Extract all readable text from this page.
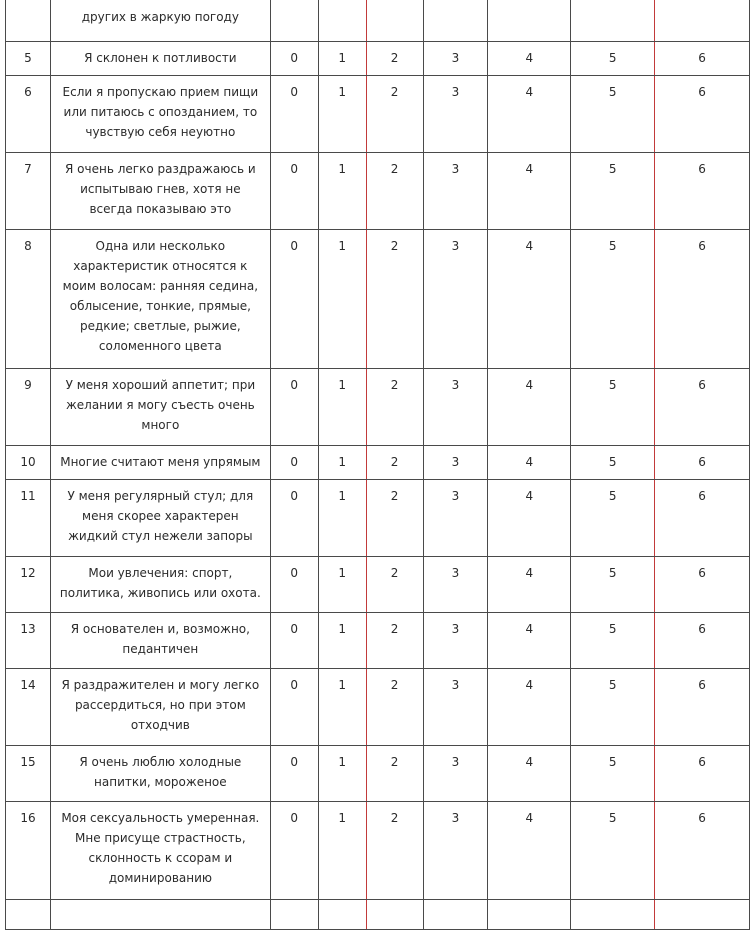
	других в жаркую погоду							
5	Я склонен к потливости	0	1	2	3	4	5	6
6	Если я пропускаю прием пищи или питаюсь с опозданием, то чувствую себя неуютно	0	1	2	3	4	5	6
7	Я очень легко раздражаюсь и испытываю гнев, хотя не всегда показываю это	0	1	2	3	4	5	6
8	Одна или несколько характеристик относятся к моим волосам: ранняя седина, облысение, тонкие, прямые, редкие; светлые, рыжие, соломенного цвета	0	1	2	3	4	5	6
9	У меня хороший аппетит; при желании я могу съесть очень много	0	1	2	3	4	5	6
10	Многие считают меня упрямым	0	1	2	3	4	5	6
11	У меня регулярный стул; для меня скорее характерен жидкий стул нежели запоры	0	1	2	3	4	5	6
12	Мои увлечения: спорт, политика, живопись или охота.	0	1	2	3	4	5	6
13	Я основателен и, возможно, педантичен	0	1	2	3	4	5	6
14	Я раздражителен и могу легко рассердиться, но при этом отходчив	0	1	2	3	4	5	6
15	Я очень люблю холодные напитки, мороженое	0	1	2	3	4	5	6
16	Моя сексуальность умеренная. Мне присуще страстность, склонность к ссорам и доминированию	0	1	2	3	4	5	6
